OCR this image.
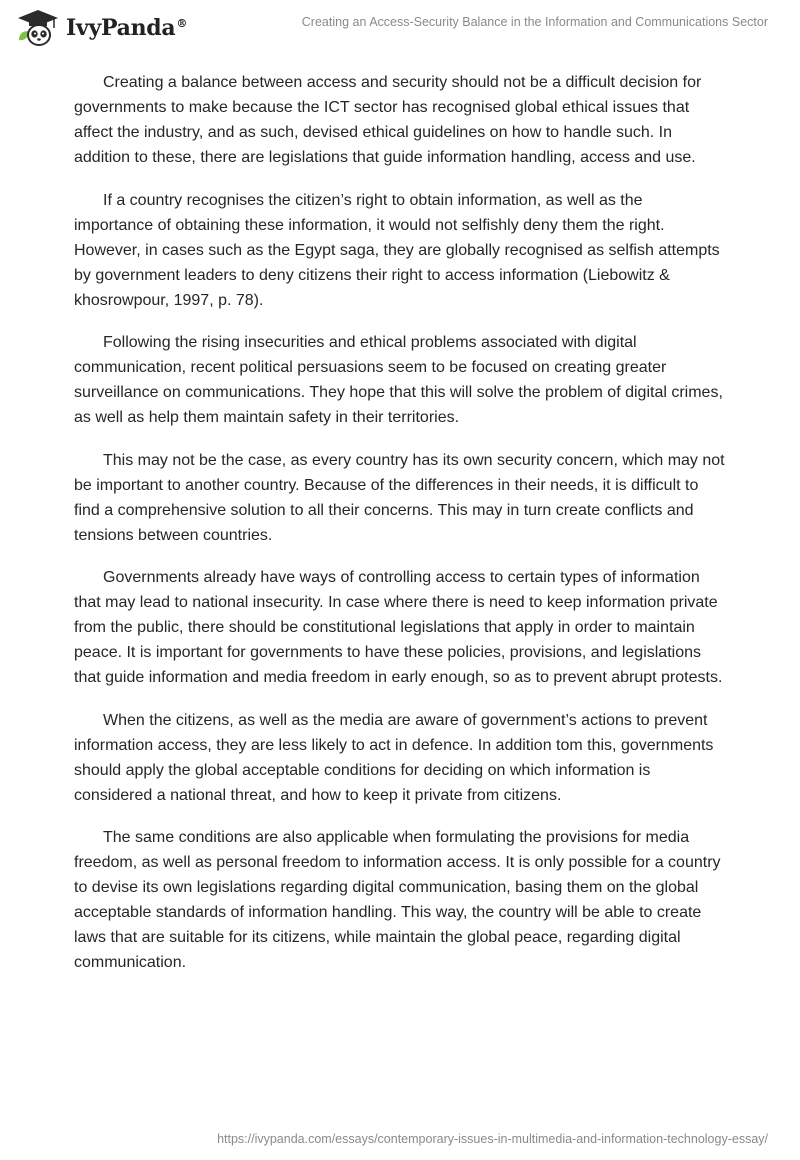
IvyPanda®	Creating an Access-Security Balance in the Information and Communications Sector

Creating a balance between access and security should not be a difficult decision for governments to make because the ICT sector has recognised global ethical issues that affect the industry, and as such, devised ethical guidelines on how to handle such. In addition to these, there are legislations that guide information handling, access and use.

If a country recognises the citizen’s right to obtain information, as well as the importance of obtaining these information, it would not selfishly deny them the right. However, in cases such as the Egypt saga, they are globally recognised as selfish attempts by government leaders to deny citizens their right to access information (Liebowitz & khosrowpour, 1997, p. 78).

Following the rising insecurities and ethical problems associated with digital communication, recent political persuasions seem to be focused on creating greater surveillance on communications. They hope that this will solve the problem of digital crimes, as well as help them maintain safety in their territories.

This may not be the case, as every country has its own security concern, which may not be important to another country. Because of the differences in their needs, it is difficult to find a comprehensive solution to all their concerns. This may in turn create conflicts and tensions between countries.

Governments already have ways of controlling access to certain types of information that may lead to national insecurity. In case where there is need to keep information private from the public, there should be constitutional legislations that apply in order to maintain peace. It is important for governments to have these policies, provisions, and legislations that guide information and media freedom in early enough, so as to prevent abrupt protests.

When the citizens, as well as the media are aware of government’s actions to prevent information access, they are less likely to act in defence. In addition tom this, governments should apply the global acceptable conditions for deciding on which information is considered a national threat, and how to keep it private from citizens.

The same conditions are also applicable when formulating the provisions for media freedom, as well as personal freedom to information access. It is only possible for a country to devise its own legislations regarding digital communication, basing them on the global acceptable standards of information handling. This way, the country will be able to create laws that are suitable for its citizens, while maintain the global peace, regarding digital communication.

https://ivypanda.com/essays/contemporary-issues-in-multimedia-and-information-technology-essay/
